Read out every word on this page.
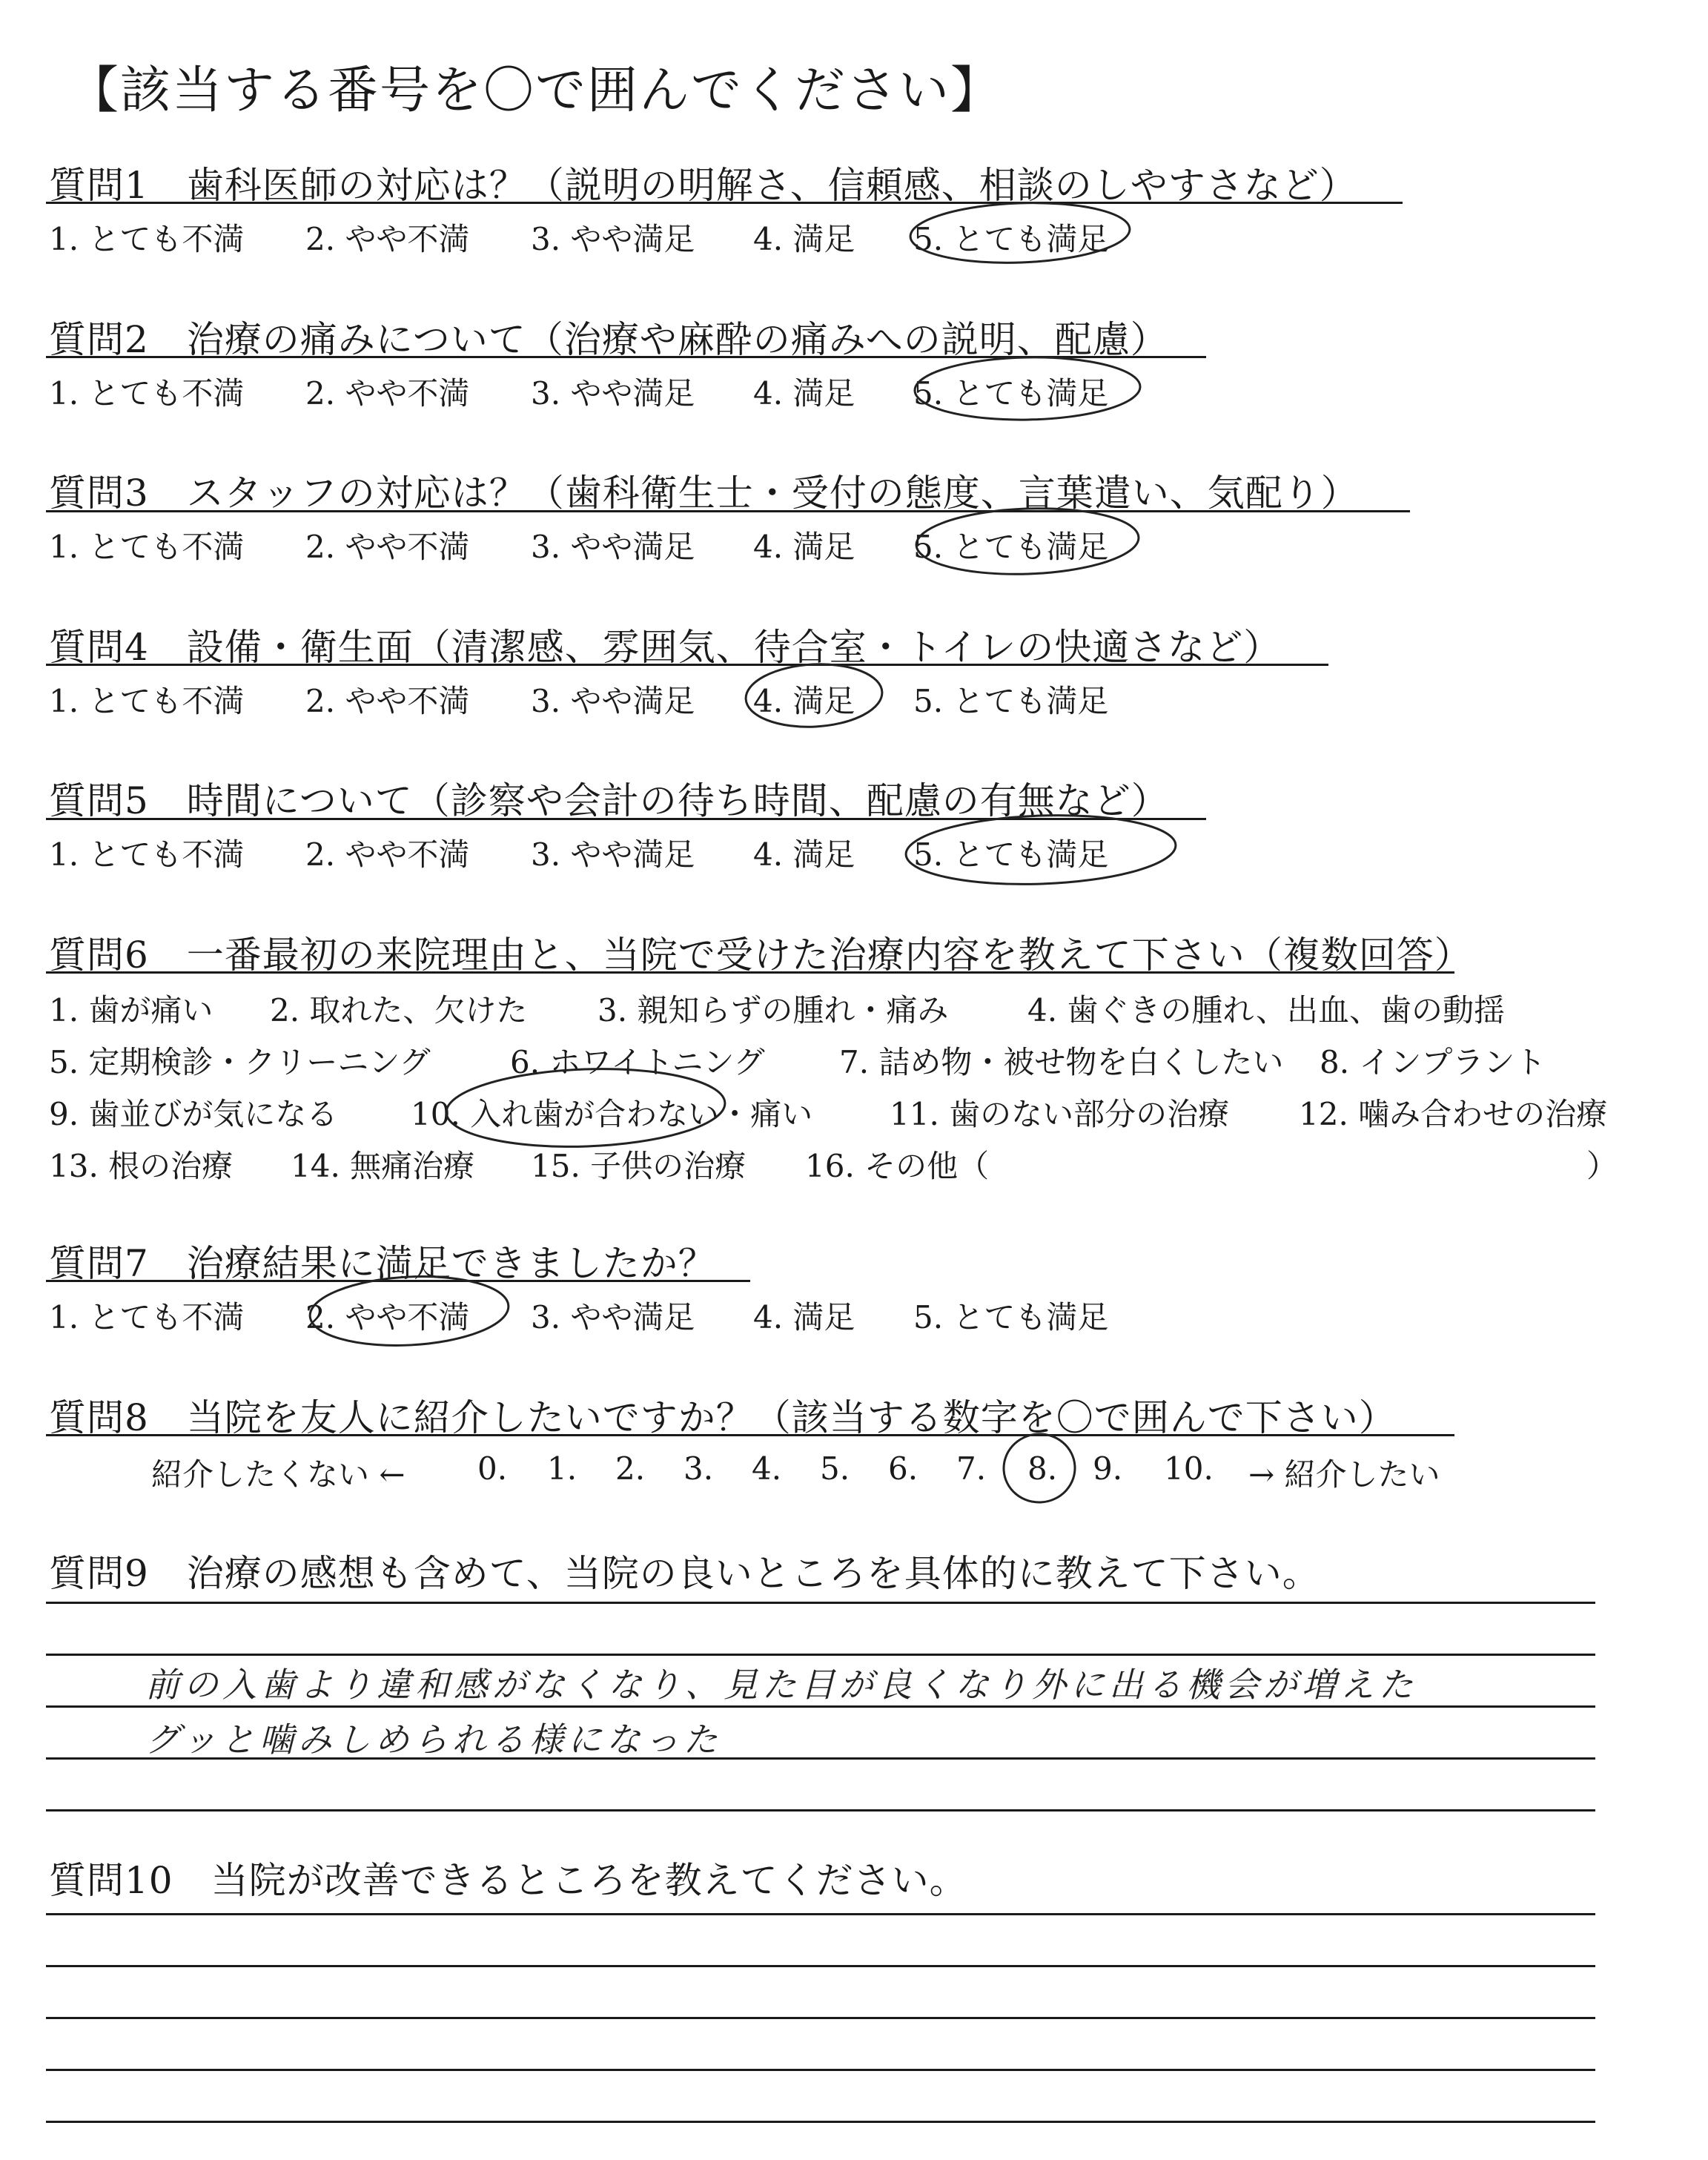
【該当する番号を〇で囲んでください】
質問1　歯科医師の対応は？（説明の明解さ、信頼感、相談のしやすさなど）
1. とても不満 2. やや不満 3. やや満足 4. 満足 5. とても満足
質問2　治療の痛みについて（治療や麻酔の痛みへの説明、配慮）
1. とても不満 2. やや不満 3. やや満足 4. 満足 5. とても満足
質問3　スタッフの対応は？（歯科衛生士・受付の態度、言葉遣い、気配り）
1. とても不満 2. やや不満 3. やや満足 4. 満足 5. とても満足
質問4　設備・衛生面（清潔感、雰囲気、待合室・トイレの快適さなど）
1. とても不満 2. やや不満 3. やや満足 4. 満足 5. とても満足
質問5　時間について（診察や会計の待ち時間、配慮の有無など）
1. とても不満 2. やや不満 3. やや満足 4. 満足 5. とても満足
質問6　一番最初の来院理由と、当院で受けた治療内容を教えて下さい（複数回答）
1. 歯が痛い 2. 取れた、欠けた 3. 親知らずの腫れ・痛み	4. 歯ぐきの腫れ、出血、歯の動揺
5. 定期検診・クリーニング	6. ホワイトニング 7. 詰め物・被せ物を白くしたい 8. インプラント
9. 歯並びが気になる 10. 入れ歯が合わない・痛い 11. 歯のない部分の治療 12. 噛み合わせの治療
13. 根の治療 14. 無痛治療 15. 子供の治療 16. その他（	）
質問7　治療結果に満足できましたか？
1. とても不満 2. やや不満 3. やや満足 4. 満足 5. とても満足
質問8　当院を友人に紹介したいですか？（該当する数字を〇で囲んで下さい）
紹介したくない ← 0. 1. 2. 3. 4. 5. 6. 7. 8. 9. 10. → 紹介したい
質問9　治療の感想も含めて、当院の良いところを具体的に教えて下さい。
前の入歯より違和感がなくなり、見た目が良くなり外に出る機会が増えた
グッと噛みしめられる様になった
質問10　当院が改善できるところを教えてください。
